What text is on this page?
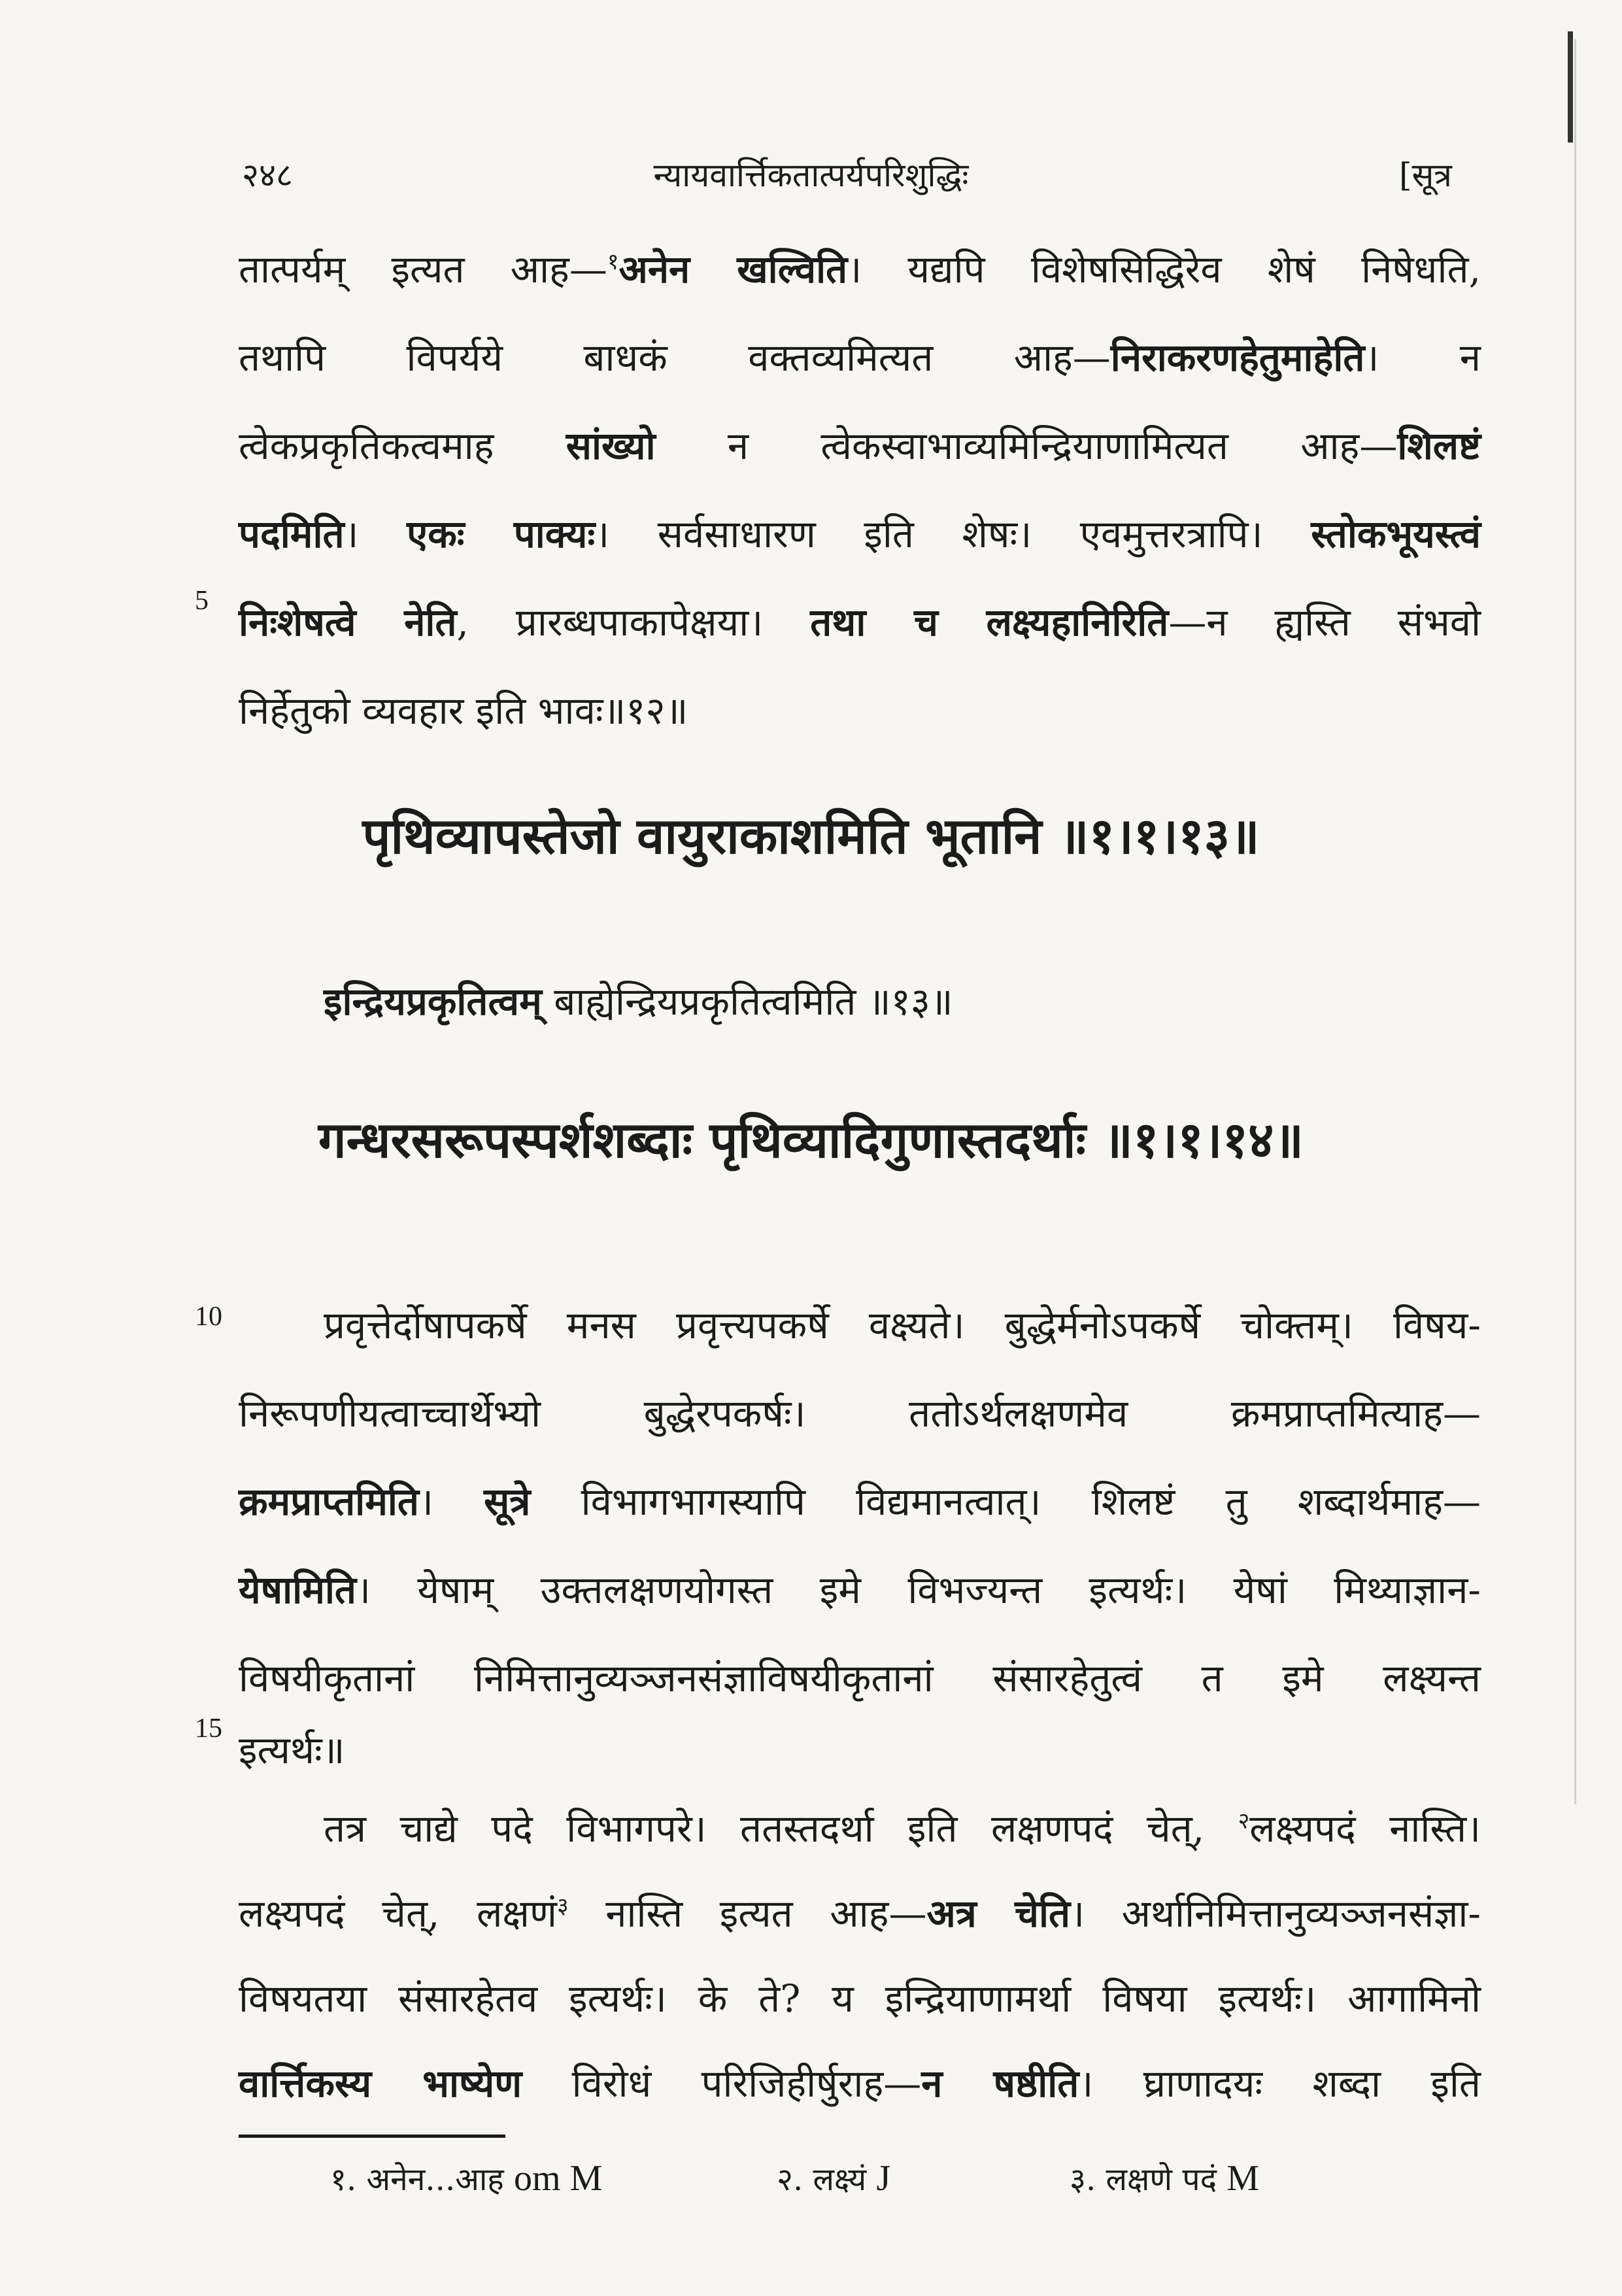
न्यायवार्त्तिकतात्पर्यपरिशुद्धिः
२४८	[सूत्र
तात्पर्यम् इत्यत आह—$^१$अनेन खल्विति। यद्यपि विशेषसिद्धिरेव शेषं निषेधति,
तथापि विपर्यये बाधकं वक्तव्यमित्यत आह—निराकरणहेतुमाहेति। न
त्वेकप्रकृतिकत्वमाह सांख्यो न त्वेकस्वाभाव्यमिन्द्रियाणामित्यत आह—शिलष्टं
पदमिति। एकः पाक्यः। सर्वसाधारण इति शेषः। एवमुत्तरत्रापि। स्तोकभूयस्त्वं
5 निःशेषत्वे नेति, प्रारब्धपाकापेक्षया। तथा च लक्ष्यहानिरिति—न ह्यस्ति संभवो
निर्हेतुको व्यवहार इति भावः॥१२॥
पृथिव्यापस्तेजो वायुराकाशमिति भूतानि ॥१।१।१३॥
इन्द्रियप्रकृतित्वम् बाह्येन्द्रियप्रकृतित्वमिति ॥१३॥
गन्धरसरूपस्पर्शशब्दाः पृथिव्यादिगुणास्तदर्थाः ॥१।१।१४॥
10	प्रवृत्तेर्दोषापकर्षे मनस प्रवृत्त्यपकर्षे वक्ष्यते। बुद्धेर्मनोऽपकर्षे चोक्तम्। विषय-
निरूपणीयत्वाच्चार्थेभ्यो बुद्धेरपकर्षः। ततोऽर्थलक्षणमेव क्रमप्राप्तमित्याह—
क्रमप्राप्तमिति। सूत्रे विभागभागस्यापि विद्यमानत्वात्। शिलष्टं तु शब्दार्थमाह—
येषामिति। येषाम् उक्तलक्षणयोगस्त इमे विभज्यन्त इत्यर्थः। येषां मिथ्याज्ञान-
विषयीकृतानां निमित्तानुव्यञ्जनसंज्ञाविषयीकृतानां संसारहेतुत्वं त इमे लक्ष्यन्त
15 इत्यर्थः॥
तत्र चाद्ये पदे विभागपरे। ततस्तदर्था इति लक्षणपदं चेत्, $^२$लक्ष्यपदं नास्ति।
लक्ष्यपदं चेत्, लक्षणं$^३$ नास्ति इत्यत आह—अत्र चेति। अर्थानिमित्तानुव्यञ्जनसंज्ञा-
विषयतया संसारहेतव इत्यर्थः। के ते? य इन्द्रियाणामर्था विषया इत्यर्थः। आगामिनो
वार्त्तिकस्य भाष्येण विरोधं परिजिहीर्षुराह—न षष्ठीति। घ्राणादयः शब्दा इति
१. अनेन...आह om M	२. लक्ष्यं J	३. लक्षणे पदं M
